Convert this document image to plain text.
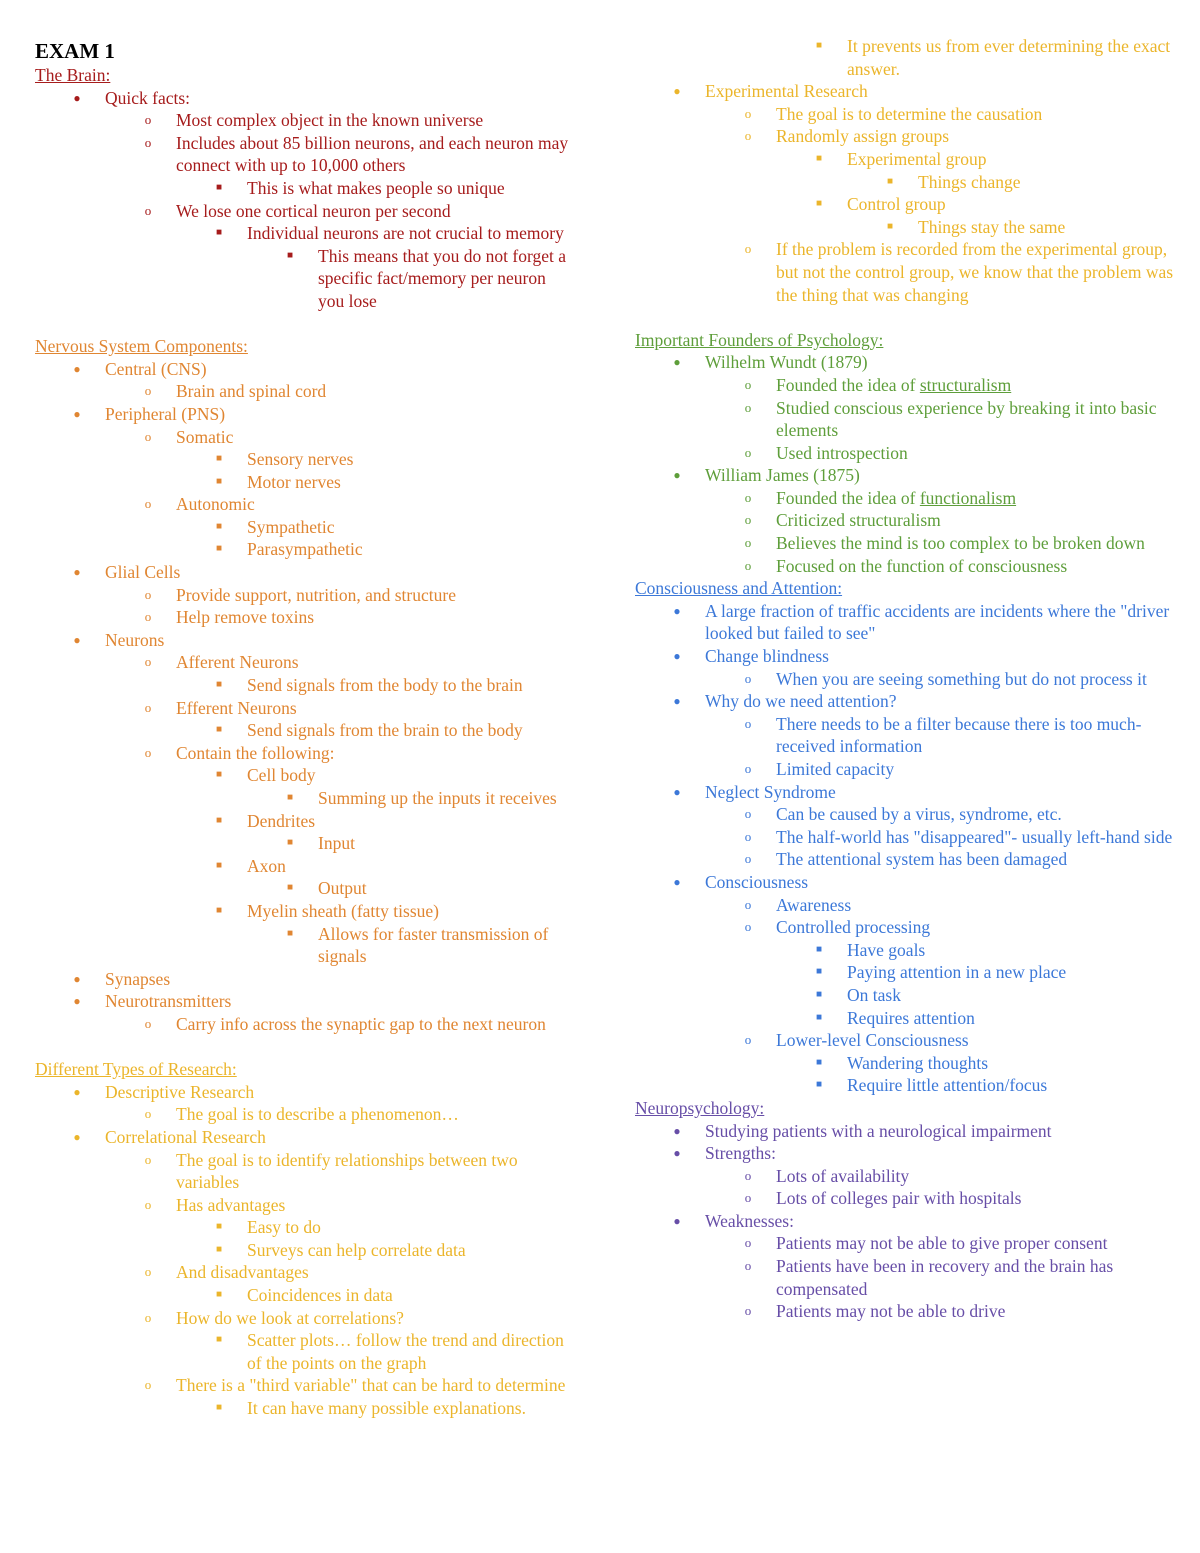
EXAM 1
The Brain:
● Quick facts:
o Most complex object in the known universe
o Includes about 85 billion neurons, and each neuron may connect with up to 10,000 others
■ This is what makes people so unique
o We lose one cortical neuron per second
■ Individual neurons are not crucial to memory
■ This means that you do not forget a specific fact/memory per neuron you lose
Nervous System Components:
● Central (CNS)
o Brain and spinal cord
● Peripheral (PNS)
o Somatic
■ Sensory nerves
■ Motor nerves
o Autonomic
■ Sympathetic
■ Parasympathetic
● Glial Cells
o Provide support, nutrition, and structure
o Help remove toxins
● Neurons
o Afferent Neurons
■ Send signals from the body to the brain
o Efferent Neurons
■ Send signals from the brain to the body
o Contain the following:
■ Cell body
■ Summing up the inputs it receives
■ Dendrites
■ Input
■ Axon
■ Output
■ Myelin sheath (fatty tissue)
■ Allows for faster transmission of signals
● Synapses
● Neurotransmitters
o Carry info across the synaptic gap to the next neuron
Different Types of Research:
● Descriptive Research
o The goal is to describe a phenomenon…
● Correlational Research
o The goal is to identify relationships between two variables
o Has advantages
■ Easy to do
■ Surveys can help correlate data
o And disadvantages
■ Coincidences in data
o How do we look at correlations?
■ Scatter plots… follow the trend and direction of the points on the graph
o There is a "third variable" that can be hard to determine
■ It can have many possible explanations.
■ It prevents us from ever determining the exact answer.
● Experimental Research
o The goal is to determine the causation
o Randomly assign groups
■ Experimental group
■ Things change
■ Control group
■ Things stay the same
o If the problem is recorded from the experimental group, but not the control group, we know that the problem was the thing that was changing
Important Founders of Psychology:
● Wilhelm Wundt (1879)
o Founded the idea of structuralism
o Studied conscious experience by breaking it into basic elements
o Used introspection
● William James (1875)
o Founded the idea of functionalism
o Criticized structuralism
o Believes the mind is too complex to be broken down
o Focused on the function of consciousness
Consciousness and Attention:
● A large fraction of traffic accidents are incidents where the "driver looked but failed to see"
● Change blindness
o When you are seeing something but do not process it
● Why do we need attention?
o There needs to be a filter because there is too much-received information
o Limited capacity
● Neglect Syndrome
o Can be caused by a virus, syndrome, etc.
o The half-world has "disappeared"- usually left-hand side
o The attentional system has been damaged
● Consciousness
o Awareness
o Controlled processing
■ Have goals
■ Paying attention in a new place
■ On task
■ Requires attention
o Lower-level Consciousness
■ Wandering thoughts
■ Require little attention/focus
Neuropsychology:
● Studying patients with a neurological impairment
● Strengths:
o Lots of availability
o Lots of colleges pair with hospitals
● Weaknesses:
o Patients may not be able to give proper consent
o Patients have been in recovery and the brain has compensated
o Patients may not be able to drive
